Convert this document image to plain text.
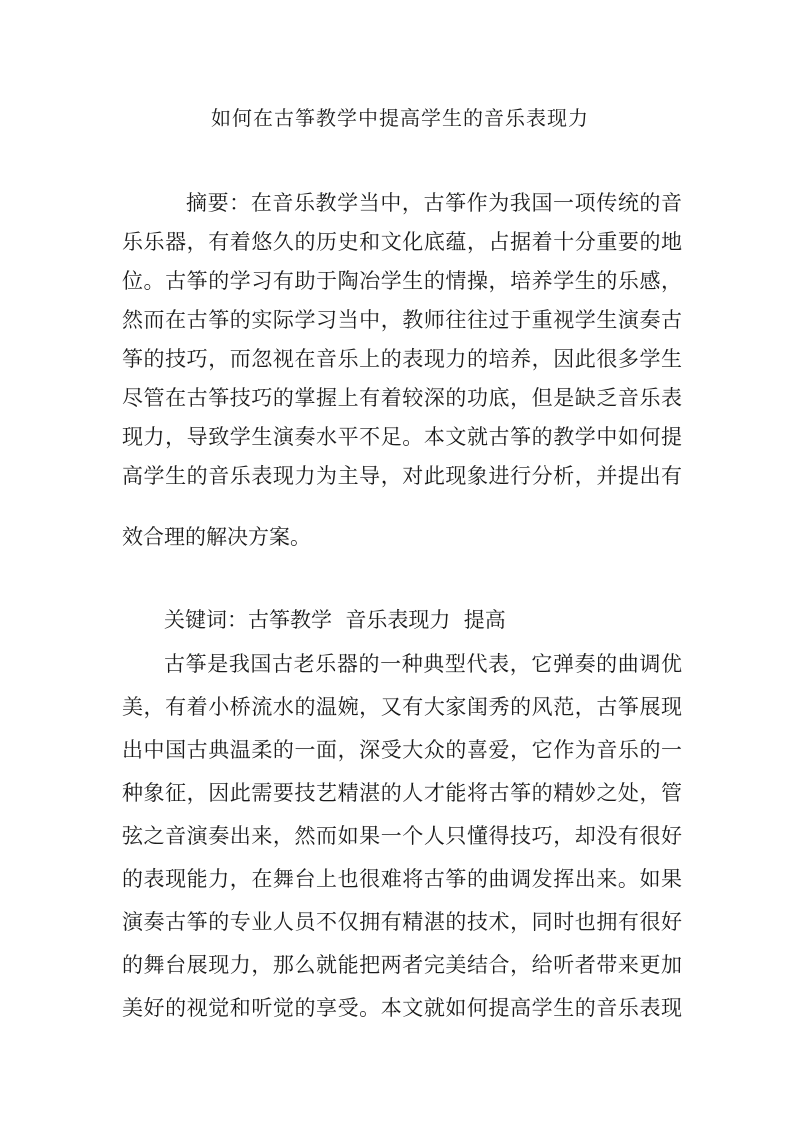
如何在古筝教学中提高学生的音乐表现力

摘要：在音乐教学当中，古筝作为我国一项传统的音

乐乐器，有着悠久的历史和文化底蕴，占据着十分重要的地

位。古筝的学习有助于陶冶学生的情操，培养学生的乐感，

然而在古筝的实际学习当中，教师往往过于重视学生演奏古

筝的技巧，而忽视在音乐上的表现力的培养，因此很多学生

尽管在古筝技巧的掌握上有着较深的功底，但是缺乏音乐表

现力，导致学生演奏水平不足。本文就古筝的教学中如何提

高学生的音乐表现力为主导，对此现象进行分析，并提出有

效合理的解决方案。

关键词：古筝教学  音乐表现力  提高

古筝是我国古老乐器的一种典型代表，它弹奏的曲调优

美，有着小桥流水的温婉，又有大家闺秀的风范，古筝展现

出中国古典温柔的一面，深受大众的喜爱，它作为音乐的一

种象征，因此需要技艺精湛的人才能将古筝的精妙之处，管

弦之音演奏出来，然而如果一个人只懂得技巧，却没有很好

的表现能力，在舞台上也很难将古筝的曲调发挥出来。如果

演奏古筝的专业人员不仅拥有精湛的技术，同时也拥有很好

的舞台展现力，那么就能把两者完美结合，给听者带来更加

美好的视觉和听觉的享受。本文就如何提高学生的音乐表现
